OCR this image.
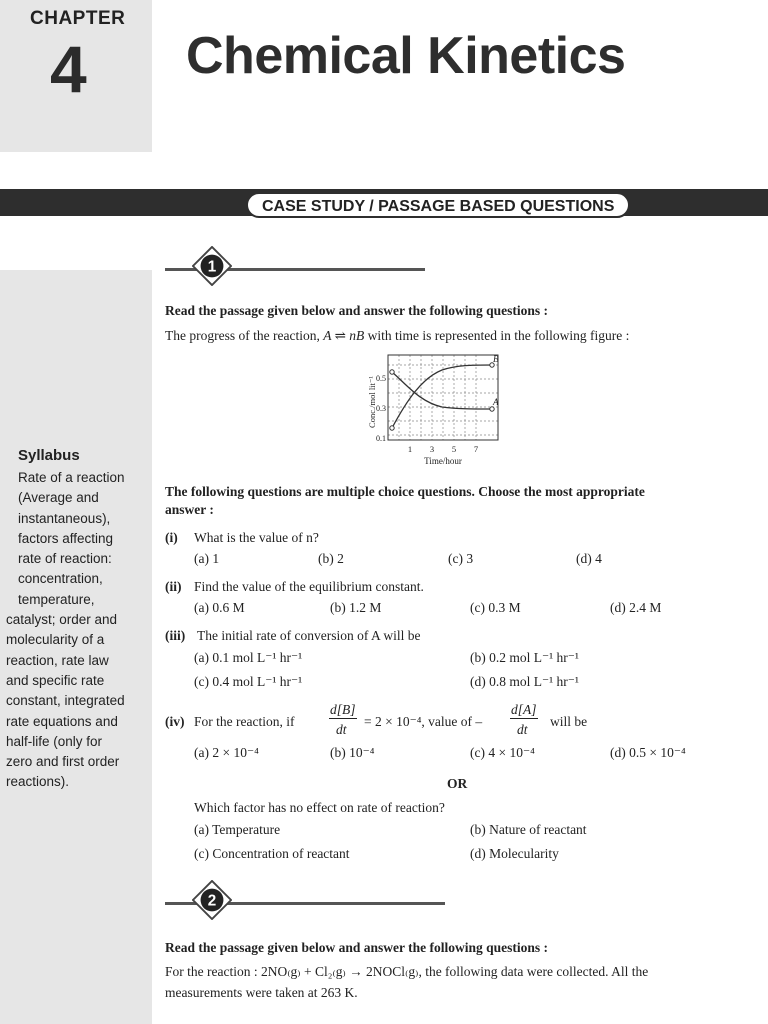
CHAPTER
4 Chemical Kinetics
CASE STUDY / PASSAGE BASED QUESTIONS
Syllabus
Rate of a reaction
(Average and
instantaneous),
factors affecting
rate of reaction:
concentration,
temperature,
catalyst; order and
molecularity of a
reaction, rate law
and specific rate
constant, integrated
rate equations and
half-life (only for
zero and first order
reactions).
1
Read the passage given below and answer the following questions :
The progress of the reaction, A ⇌ nB with time is represented in the following figure :
B
A
0.5
0.3
0.1
1 3 5 7
Time/hour
Conc./mol lit⁻¹
The following questions are multiple choice questions. Choose the most appropriate
answer :
(i) What is the value of n?
(a) 1	(b) 2	(c) 3	(d) 4
(ii) Find the value of the equilibrium constant.
(a) 0.6 M	(b) 1.2 M	(c) 0.3 M	(d) 2.4 M
(iii) The initial rate of conversion of A will be
(a) 0.1 mol L⁻¹ hr⁻¹	(b) 0.2 mol L⁻¹ hr⁻¹
(c) 0.4 mol L⁻¹ hr⁻¹	(d) 0.8 mol L⁻¹ hr⁻¹
(iv) For the reaction, if
d[B]
dt
= 2 × 10⁻⁴, value of –
d[A]
dt
will be
(a) 2 × 10⁻⁴	(b) 10⁻⁴	(c) 4 × 10⁻⁴	(d) 0.5 × 10⁻⁴
OR
Which factor has no effect on rate of reaction?
(a) Temperature	(b) Nature of reactant
(c) Concentration of reactant	(d) Molecularity
2
Read the passage given below and answer the following questions :
For the reaction : 2NO₍g₎ + Cl₂₍g₎ → 2NOCl₍g₎, the following data were collected. All the
measurements were taken at 263 K.
